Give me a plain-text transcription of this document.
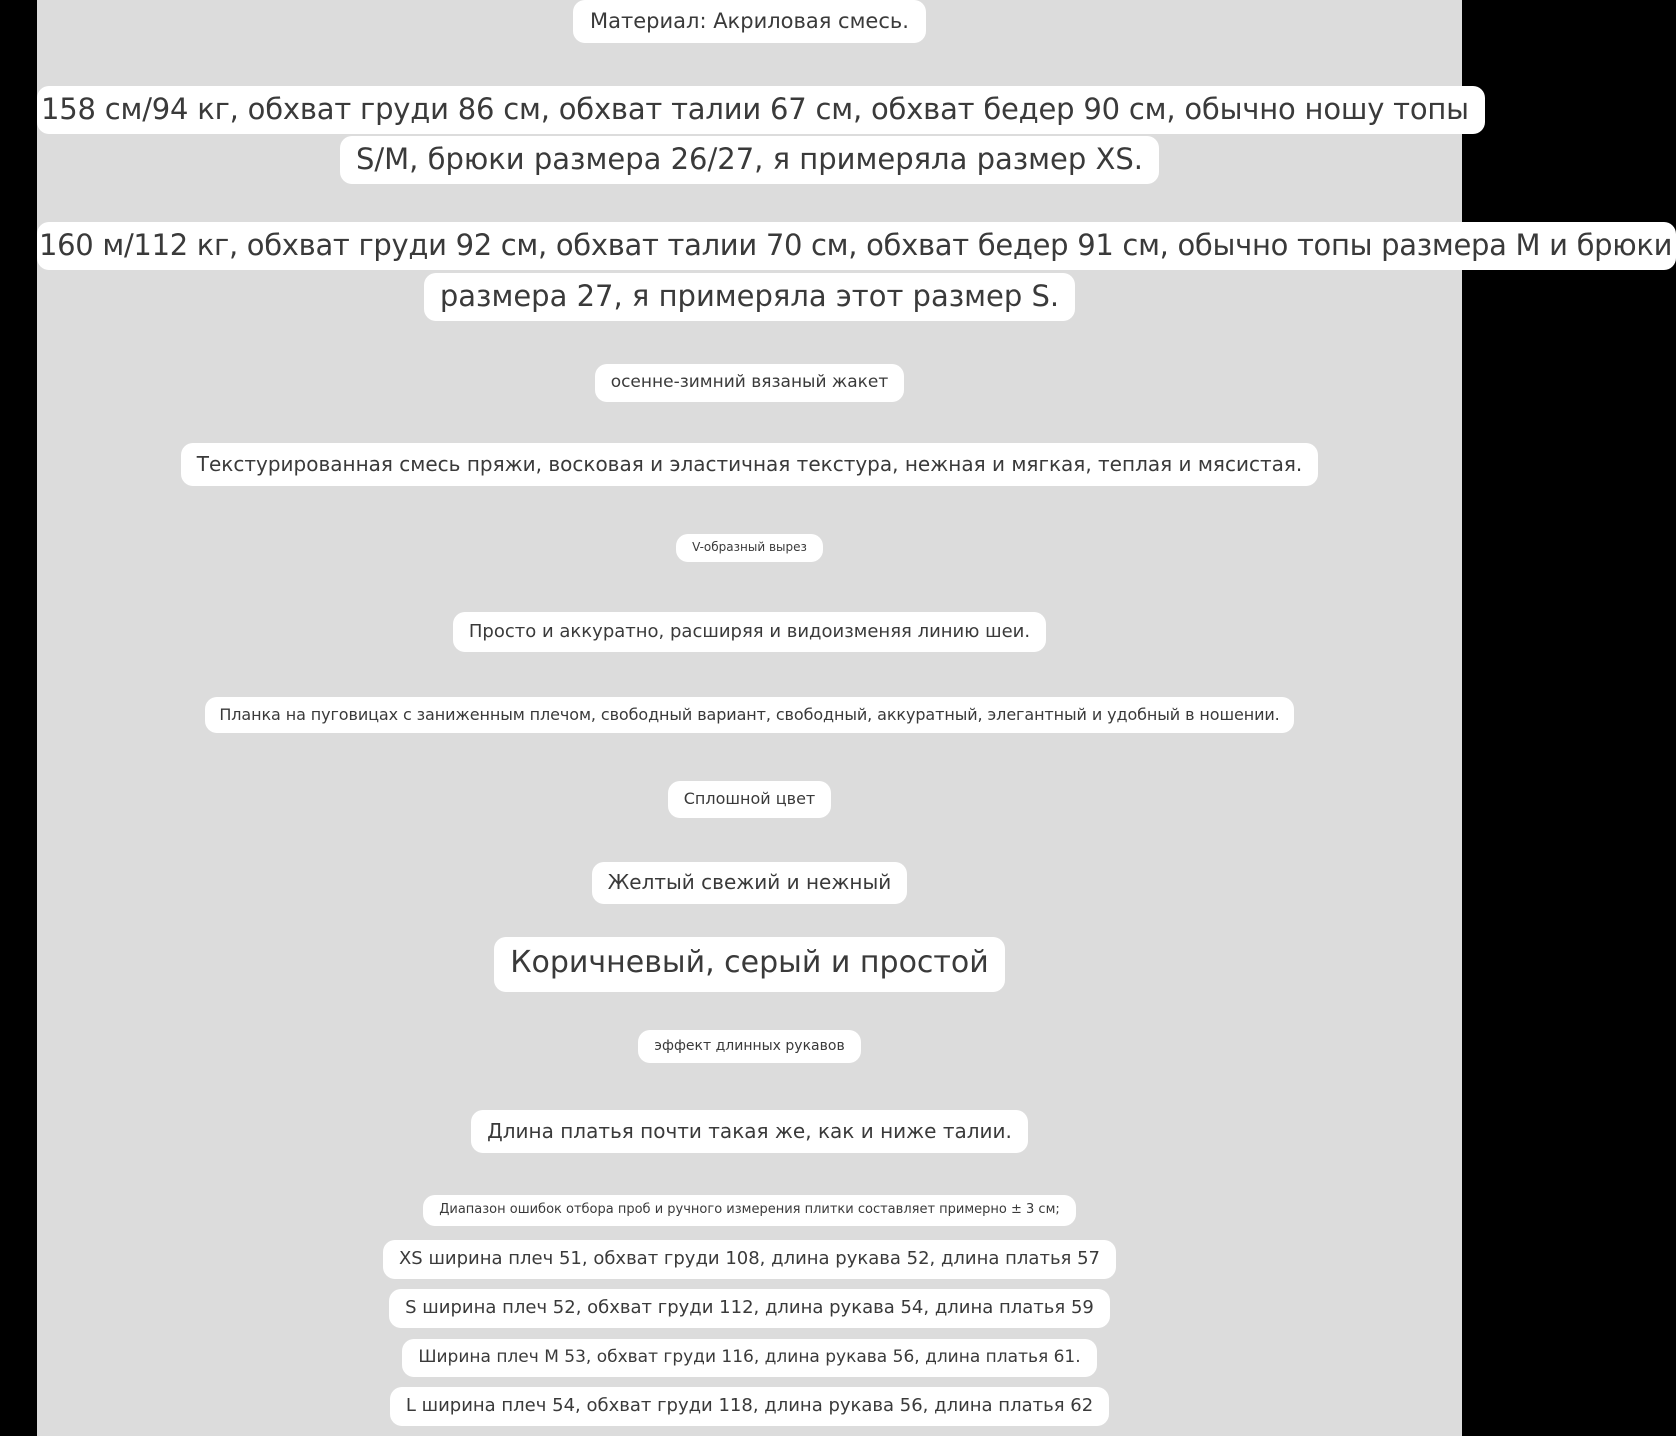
Материал: Акриловая смесь.
158 см/94 кг, обхват груди 86 см, обхват талии 67 см, обхват бедер 90 см, обычно ношу топы
S/M, брюки размера 26/27, я примеряла размер XS.
160 м/112 кг, обхват груди 92 см, обхват талии 70 см, обхват бедер 91 см, обычно топы размера M и брюки
размера 27, я примеряла этот размер S.
осенне-зимний вязаный жакет
Текстурированная смесь пряжи, восковая и эластичная текстура, нежная и мягкая, теплая и мясистая.
V-образный вырез
Просто и аккуратно, расширяя и видоизменяя линию шеи.
Планка на пуговицах с заниженным плечом, свободный вариант, свободный, аккуратный, элегантный и удобный в ношении.
Сплошной цвет
Желтый свежий и нежный
Коричневый, серый и простой
эффект длинных рукавов
Длина платья почти такая же, как и ниже талии.
Диапазон ошибок отбора проб и ручного измерения плитки составляет примерно ± 3 см;
XS ширина плеч 51, обхват груди 108, длина рукава 52, длина платья 57
S ширина плеч 52, обхват груди 112, длина рукава 54, длина платья 59
Ширина плеч M 53, обхват груди 116, длина рукава 56, длина платья 61.
L ширина плеч 54, обхват груди 118, длина рукава 56, длина платья 62
